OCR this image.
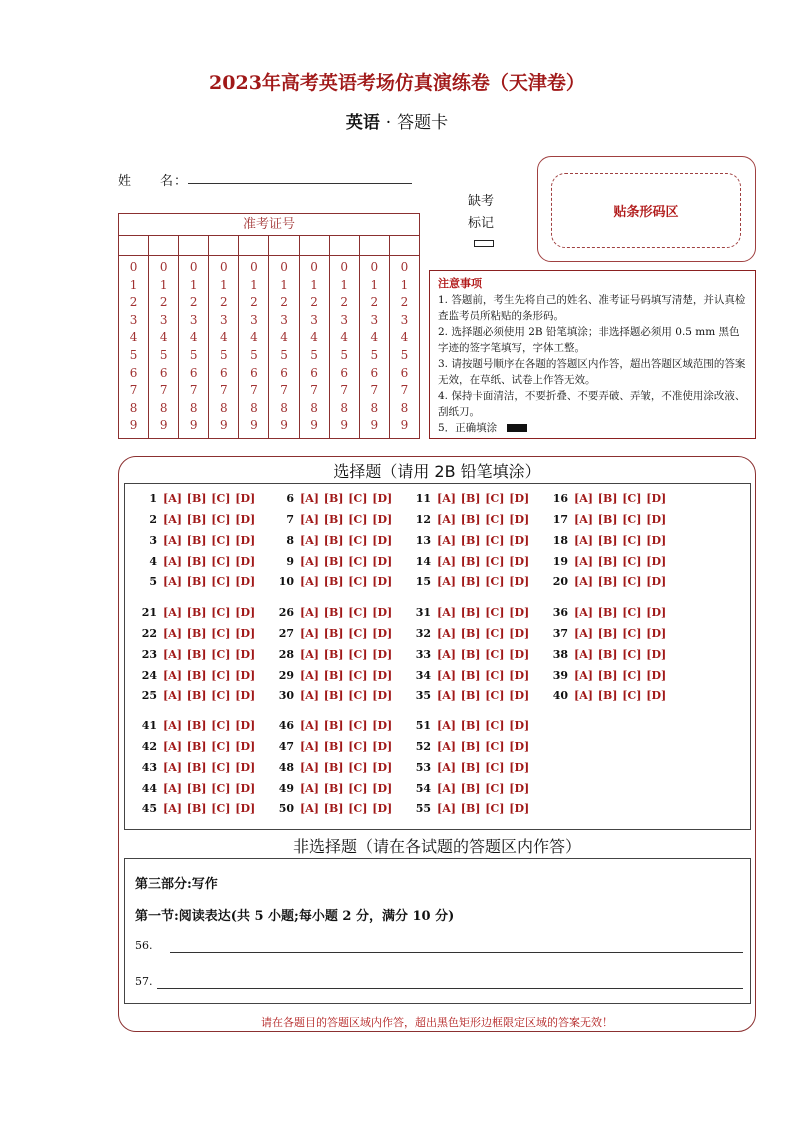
2023年高考英语考场仿真演练卷（天津卷）
英语 · 答题卡
姓　　名：
缺考
标记
贴条形码区
准考证号
0
1
2
3
4
5
6
7
8
9
0
1
2
3
4
5
6
7
8
9
0
1
2
3
4
5
6
7
8
9
0
1
2
3
4
5
6
7
8
9
0
1
2
3
4
5
6
7
8
9
0
1
2
3
4
5
6
7
8
9
0
1
2
3
4
5
6
7
8
9
0
1
2
3
4
5
6
7
8
9
0
1
2
3
4
5
6
7
8
9
0
1
2
3
4
5
6
7
8
9
注意事项
1. 答题前，考生先将自己的姓名、准考证号码填写清楚，并认真检查监考员所粘贴的条形码。
2. 选择题必须使用 2B 铅笔填涂；非选择题必须用 0.5 mm 黑色字迹的签字笔填写，字体工整。
3. 请按题号顺序在各题的答题区内作答，超出答题区域范围的答案无效，在草纸、试卷上作答无效。
4. 保持卡面清洁，不要折叠、不要弄破、弄皱，不准使用涂改液、刮纸刀。
5．正确填涂
选择题（请用 2B 铅笔填涂）
1 [A] [B] [C] [D]
2 [A] [B] [C] [D]
3 [A] [B] [C] [D]
4 [A] [B] [C] [D]
5 [A] [B] [C] [D]
6 [A] [B] [C] [D]
7 [A] [B] [C] [D]
8 [A] [B] [C] [D]
9 [A] [B] [C] [D]
10 [A] [B] [C] [D]
11 [A] [B] [C] [D]
12 [A] [B] [C] [D]
13 [A] [B] [C] [D]
14 [A] [B] [C] [D]
15 [A] [B] [C] [D]
16 [A] [B] [C] [D]
17 [A] [B] [C] [D]
18 [A] [B] [C] [D]
19 [A] [B] [C] [D]
20 [A] [B] [C] [D]
21 [A] [B] [C] [D]
22 [A] [B] [C] [D]
23 [A] [B] [C] [D]
24 [A] [B] [C] [D]
25 [A] [B] [C] [D]
26 [A] [B] [C] [D]
27 [A] [B] [C] [D]
28 [A] [B] [C] [D]
29 [A] [B] [C] [D]
30 [A] [B] [C] [D]
31 [A] [B] [C] [D]
32 [A] [B] [C] [D]
33 [A] [B] [C] [D]
34 [A] [B] [C] [D]
35 [A] [B] [C] [D]
36 [A] [B] [C] [D]
37 [A] [B] [C] [D]
38 [A] [B] [C] [D]
39 [A] [B] [C] [D]
40 [A] [B] [C] [D]
41 [A] [B] [C] [D]
42 [A] [B] [C] [D]
43 [A] [B] [C] [D]
44 [A] [B] [C] [D]
45 [A] [B] [C] [D]
46 [A] [B] [C] [D]
47 [A] [B] [C] [D]
48 [A] [B] [C] [D]
49 [A] [B] [C] [D]
50 [A] [B] [C] [D]
51 [A] [B] [C] [D]
52 [A] [B] [C] [D]
53 [A] [B] [C] [D]
54 [A] [B] [C] [D]
55 [A] [B] [C] [D]
非选择题（请在各试题的答题区内作答）
第三部分:写作
第一节:阅读表达(共 5 小题;每小题 2 分，满分 10 分)
56.
57.
请在各题目的答题区域内作答，超出黑色矩形边框限定区域的答案无效！
